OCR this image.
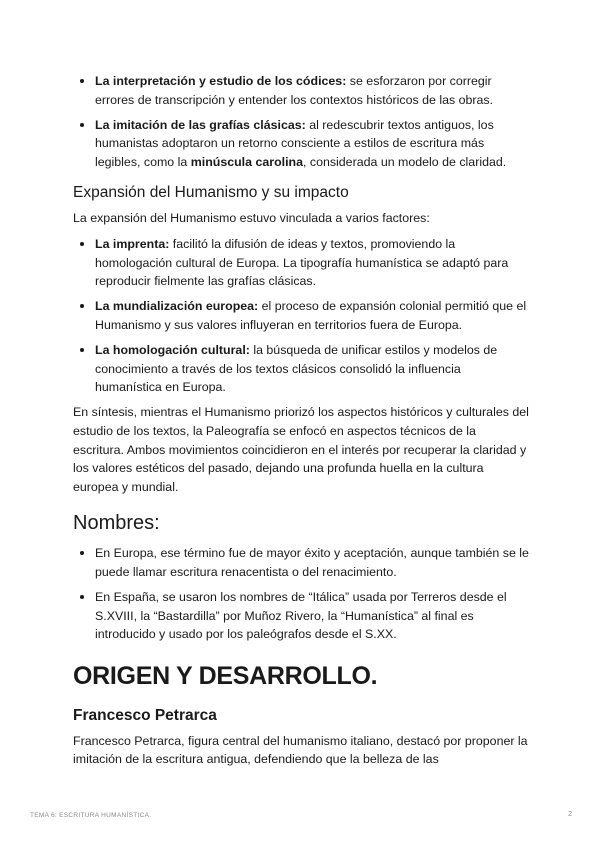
La interpretación y estudio de los códices: se esforzaron por corregir errores de transcripción y entender los contextos históricos de las obras.
La imitación de las grafías clásicas: al redescubrir textos antiguos, los humanistas adoptaron un retorno consciente a estilos de escritura más legibles, como la minúscula carolina, considerada un modelo de claridad.
Expansión del Humanismo y su impacto

La expansión del Humanismo estuvo vinculada a varios factores:

La imprenta: facilitó la difusión de ideas y textos, promoviendo la homologación cultural de Europa. La tipografía humanística se adaptó para reproducir fielmente las grafías clásicas.
La mundialización europea: el proceso de expansión colonial permitió que el Humanismo y sus valores influyeran en territorios fuera de Europa.
La homologación cultural: la búsqueda de unificar estilos y modelos de conocimiento a través de los textos clásicos consolidó la influencia humanística en Europa.

En síntesis, mientras el Humanismo priorizó los aspectos históricos y culturales del estudio de los textos, la Paleografía se enfocó en aspectos técnicos de la escritura. Ambos movimientos coincidieron en el interés por recuperar la claridad y los valores estéticos del pasado, dejando una profunda huella en la cultura europea y mundial.

Nombres:
En Europa, ese término fue de mayor éxito y aceptación, aunque también se le puede llamar escritura renacentista o del renacimiento.
En España, se usaron los nombres de “Itálica” usada por Terreros desde el S.XVIII, la “Bastardilla” por Muñoz Rivero, la “Humanística” al final es introducido y usado por los paleógrafos desde el S.XX.
ORIGEN Y DESARROLLO.
Francesco Petrarca

Francesco Petrarca, figura central del humanismo italiano, destacó por proponer la imitación de la escritura antigua, defendiendo que la belleza de las

TEMA 6: ESCRITURA HUMANÍSTICA.	2
